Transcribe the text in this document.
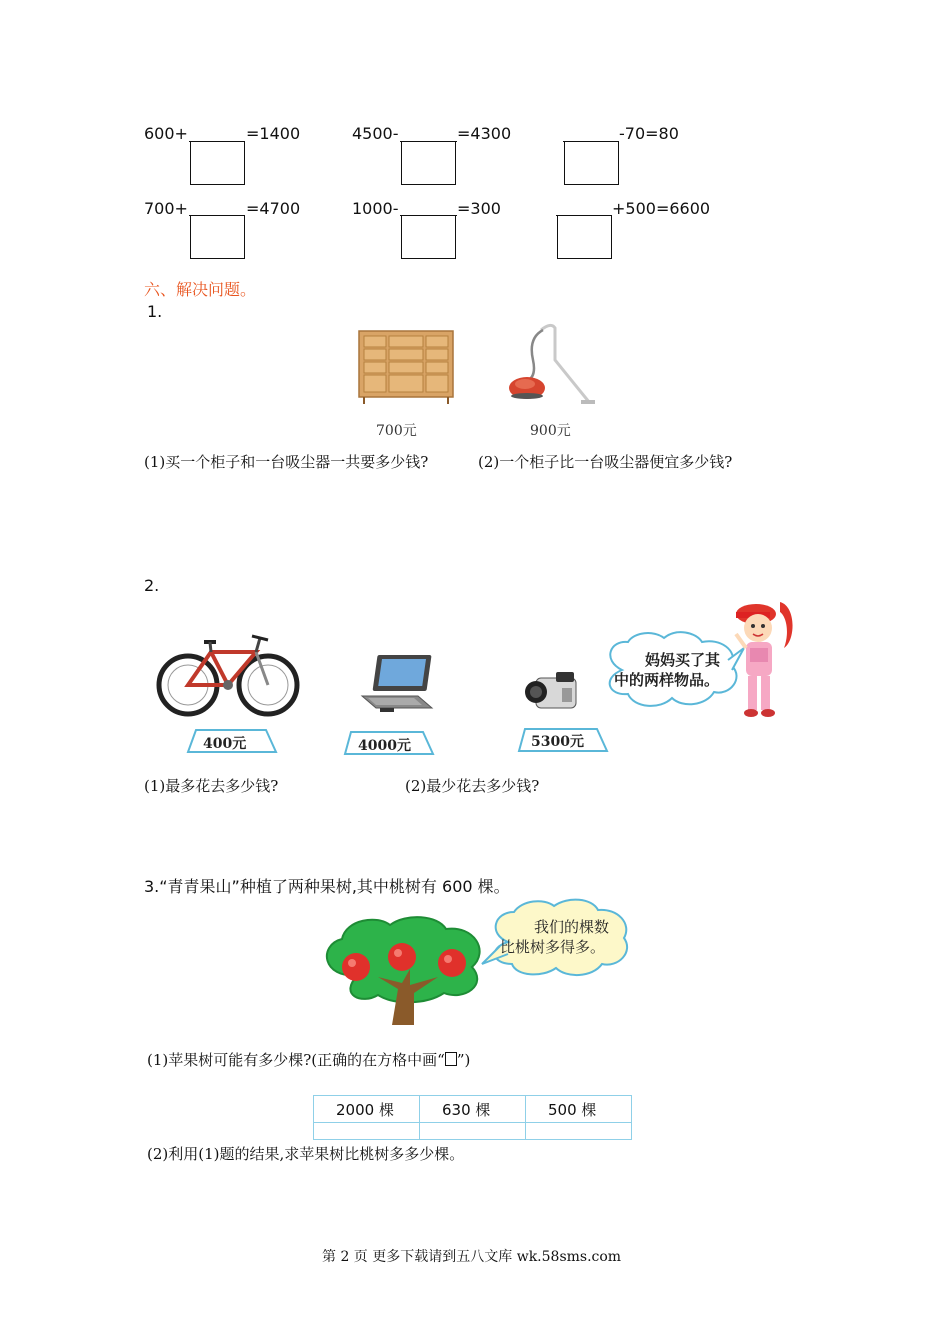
600+	=1400	4500-	=4300	-70=80
700+	=4700	1000-	=300	+500=6600
六、解决问题。
1.
700元	900元
(1)买一个柜子和一台吸尘器一共要多少钱?	(2)一个柜子比一台吸尘器便宜多少钱?
2.
400元	4000元	5300元
妈妈买了其
中的两样物品。
(1)最多花去多少钱?	(2)最少花去多少钱?
3.“青青果山”种植了两种果树,其中桃树有 600 棵。
我们的棵数
比桃树多得多。
(1)苹果树可能有多少棵?(正确的在方格中画“ ”)
2000 棵	630 棵	500 棵

(2)利用(1)题的结果,求苹果树比桃树多多少棵。
第 2 页 更多下载请到五八文库 wk.58sms.com
